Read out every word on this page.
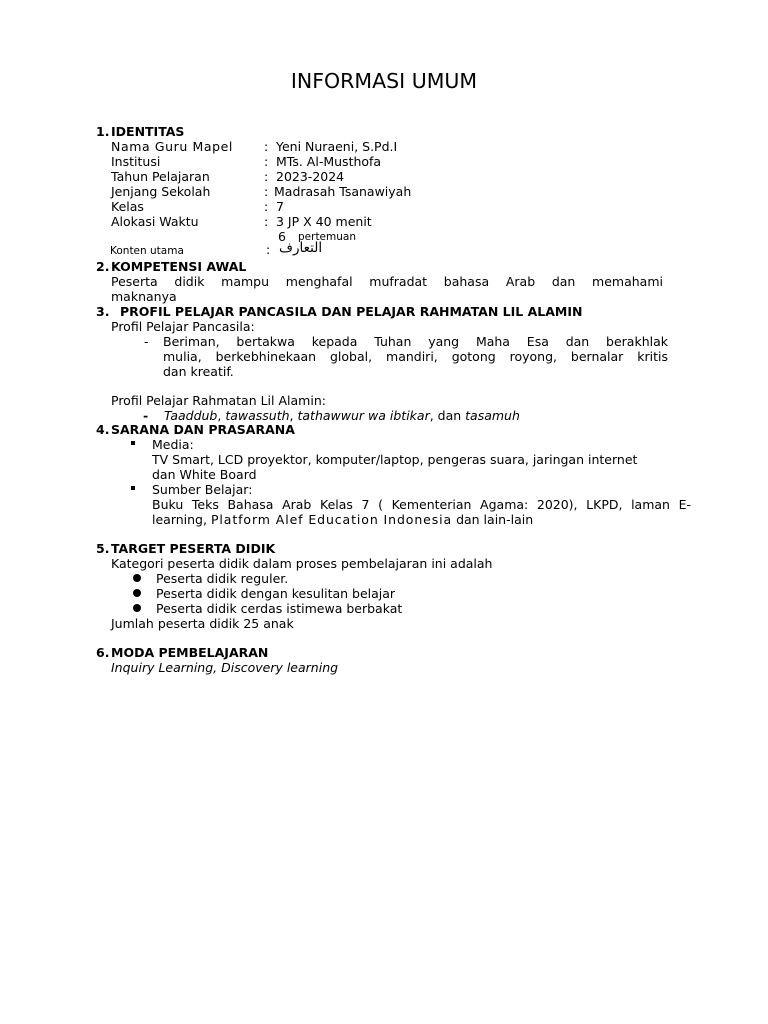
INFORMASI UMUM
1. IDENTITAS
Nama Guru Mapel : Yeni Nuraeni, S.Pd.I
Institusi	: MTs. Al-Musthofa
Tahun Pelajaran	: 2023-2024
Jenjang Sekolah	: Madrasah Tsanawiyah
Kelas	: 7
Alokasi Waktu	: 3 JP X 40 menit
6 pertemuan
Konten utama	: التعارف
2. KOMPETENSI AWAL
Peserta didik mampu menghafal mufradat bahasa Arab dan memahami
maknanya
3. PROFIL PELAJAR PANCASILA DAN PELAJAR RAHMATAN LIL ALAMIN
Profil Pelajar Pancasila:
- Beriman, bertakwa kepada Tuhan yang Maha Esa dan berakhlak
mulia, berkebhinekaan global, mandiri, gotong royong, bernalar kritis
dan kreatif.
Profil Pelajar Rahmatan Lil Alamin:
- Taaddub, tawassuth, tathawwur wa ibtikar, dan tasamuh
4. SARANA DAN PRASARANA
Media:
TV Smart, LCD proyektor, komputer/laptop, pengeras suara, jaringan internet
dan White Board
Sumber Belajar:
Buku Teks Bahasa Arab Kelas 7 ( Kementerian Agama: 2020), LKPD, laman E-
learning, Platform Alef Education Indonesia dan lain-lain
5. TARGET PESERTA DIDIK
Kategori peserta didik dalam proses pembelajaran ini adalah
Peserta didik reguler.
Peserta didik dengan kesulitan belajar
Peserta didik cerdas istimewa berbakat
Jumlah peserta didik 25 anak
6. MODA PEMBELAJARAN
Inquiry Learning, Discovery learning
